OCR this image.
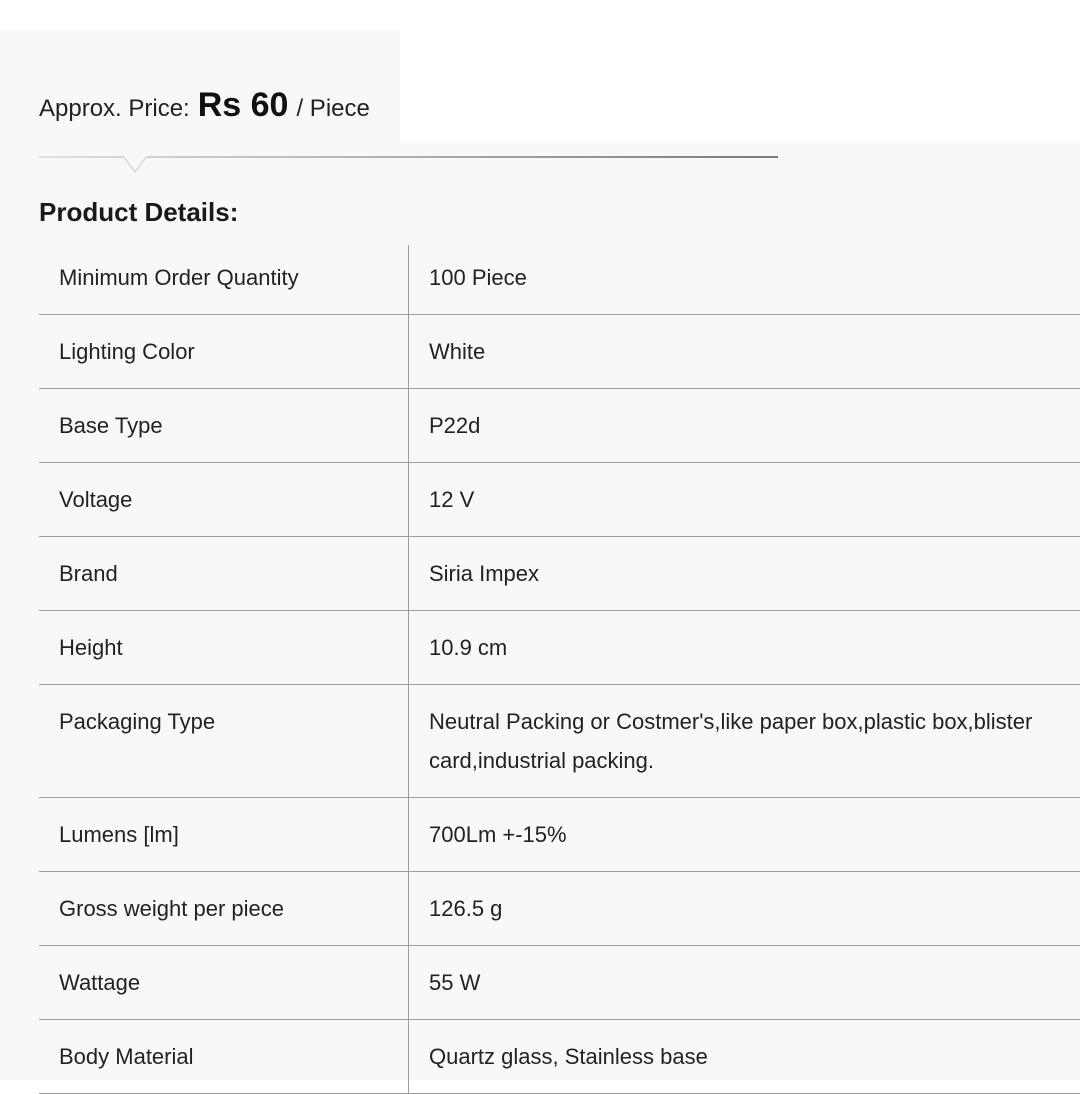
Approx. Price: Rs 60 / Piece
Product Details:
Minimum Order Quantity	100 Piece
Lighting Color	White
Base Type	P22d
Voltage	12 V
Brand	Siria Impex
Height	10.9 cm
Packaging Type	Neutral Packing or Costmer's,like paper box,plastic box,blister card,industrial packing.
Lumens [lm]	700Lm +-15%
Gross weight per piece	126.5 g
Wattage	55 W
Body Material	Quartz glass, Stainless base
